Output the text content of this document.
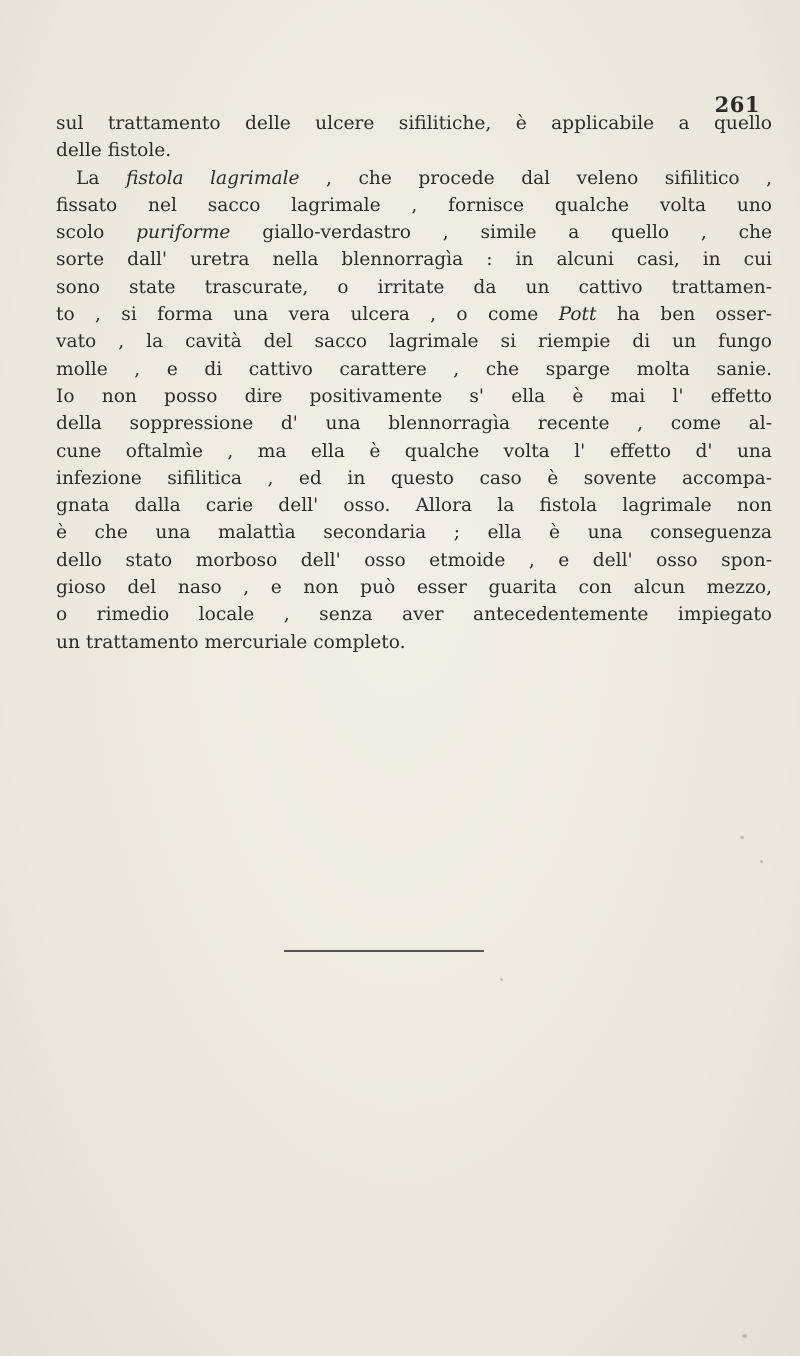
261
sul trattamento delle ulcere sifilitiche, è applicabile a quello
delle fistole.
La fistola lagrimale , che procede dal veleno sifilitico ,
fissato nel sacco lagrimale , fornisce qualche volta uno
scolo puriforme giallo-verdastro , simile a quello , che
sorte dall' uretra nella blennorragìa : in alcuni casi, in cui
sono state trascurate, o irritate da un cattivo trattamen-
to , si forma una vera ulcera , o come Pott ha ben osser-
vato , la cavità del sacco lagrimale si riempie di un fungo
molle , e di cattivo carattere , che sparge molta sanie.
Io non posso dire positivamente s' ella è mai l' effetto
della soppressione d' una blennorragìa recente , come al-
cune oftalmìe , ma ella è qualche volta l' effetto d' una
infezione sifilitica , ed in questo caso è sovente accompa-
gnata dalla carie dell' osso. Allora la fistola lagrimale non
è che una malattìa secondaria ; ella è una conseguenza
dello stato morboso dell' osso etmoide , e dell' osso spon-
gioso del naso , e non può esser guarita con alcun mezzo,
o rimedio locale , senza aver antecedentemente impiegato
un trattamento mercuriale completo.
